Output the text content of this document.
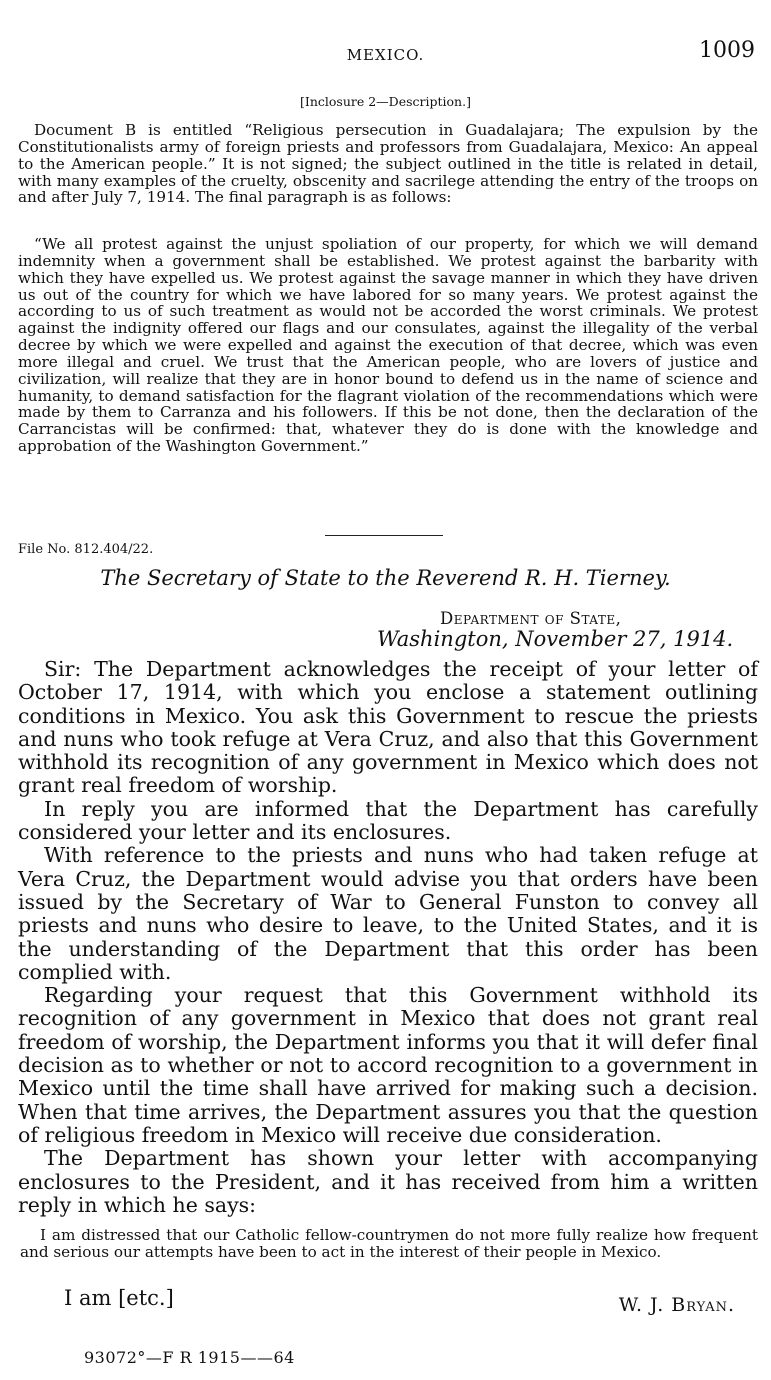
MEXICO.	1009
[Inclosure 2—Description.]

Document B is entitled “Religious persecution in Guadalajara; The expulsion by the Constitutionalists army of foreign priests and professors from Guadalajara, Mexico: An appeal to the American people.” It is not signed; the subject outlined in the title is related in detail, with many examples of the cruelty, obscenity and sacrilege attending the entry of the troops on and after July 7, 1914. The final paragraph is as follows:

“We all protest against the unjust spoliation of our property, for which we will demand indemnity when a government shall be established. We protest against the barbarity with which they have expelled us. We protest against the savage manner in which they have driven us out of the country for which we have labored for so many years. We protest against the according to us of such treatment as would not be accorded the worst criminals. We protest against the indignity offered our flags and our consulates, against the illegality of the verbal decree by which we were expelled and against the execution of that decree, which was even more illegal and cruel. We trust that the American people, who are lovers of justice and civilization, will realize that they are in honor bound to defend us in the name of science and humanity, to demand satisfaction for the flagrant violation of the recommendations which were made by them to Carranza and his followers. If this be not done, then the declaration of the Carrancistas will be confirmed: that, whatever they do is done with the knowledge and approbation of the Washington Government.”

File No. 812.404/22.
The Secretary of State to the Reverend R. H. Tierney.
Department of State,
Washington, November 27, 1914.

Sir: The Department acknowledges the receipt of your letter of October 17, 1914, with which you enclose a statement outlining conditions in Mexico. You ask this Government to rescue the priests and nuns who took refuge at Vera Cruz, and also that this Government withhold its recognition of any government in Mexico which does not grant real freedom of worship.

In reply you are informed that the Department has carefully considered your letter and its enclosures.

With reference to the priests and nuns who had taken refuge at Vera Cruz, the Department would advise you that orders have been issued by the Secretary of War to General Funston to convey all priests and nuns who desire to leave, to the United States, and it is the understanding of the Department that this order has been complied with.

Regarding your request that this Government withhold its recognition of any government in Mexico that does not grant real freedom of worship, the Department informs you that it will defer final decision as to whether or not to accord recognition to a government in Mexico until the time shall have arrived for making such a decision. When that time arrives, the Department assures you that the question of religious freedom in Mexico will receive due consideration.

The Department has shown your letter with accompanying enclosures to the President, and it has received from him a written reply in which he says:

I am distressed that our Catholic fellow-countrymen do not more fully realize how frequent and serious our attempts have been to act in the interest of their people in Mexico.

I am [etc.]	W. J. Bryan.
93072°—F R 1915——64
